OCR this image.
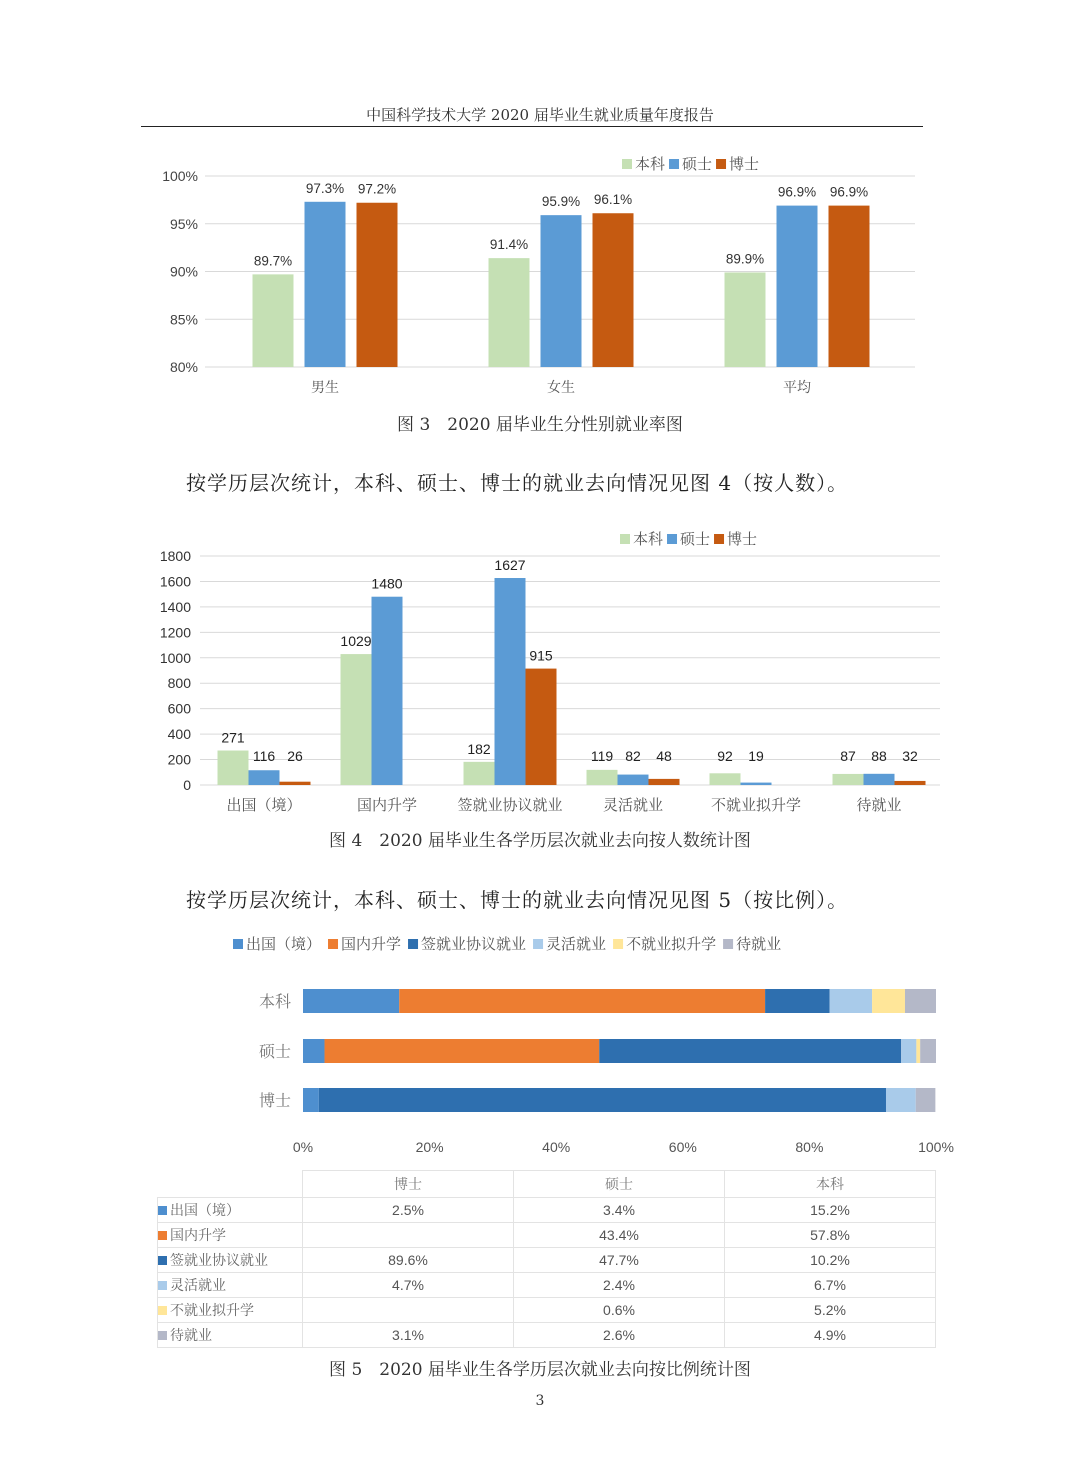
中国科学技术大学 2020 届毕业生就业质量年度报告
图 3　2020 届毕业生分性别就业率图
按学历层次统计，本科、硕士、博士的就业去向情况见图 4（按人数）。
图 4　2020 届毕业生各学历层次就业去向按人数统计图
按学历层次统计，本科、硕士、博士的就业去向情况见图 5（按比例）。
图 5　2020 届毕业生各学历层次就业去向按比例统计图
3
80%
85%
90%
95%
100%
89.7%
97.3% 97.2%
男生
91.4%
95.9% 96.1%
女生
89.9%
96.9% 96.9%
平均
本科 硕士 博士
0
200
400
600
800
1000
1200
1400
1600
1800
271
116 26
出国（境）
1029
1480
国内升学
182
1627
915
签就业协议就业
119 82 48
灵活就业
92 19
不就业拟升学
87 88 32
待就业
本科 硕士 博士
本科
硕士
博士
0%	20%	40%	60%	80%	100%
出国（境） 国内升学 签就业协议就业 灵活就业 不就业拟升学 待就业
	博士	硕士	本科
出国（境）	2.5%	3.4%	15.2%
国内升学		43.4%	57.8%
签就业协议就业	89.6%	47.7%	10.2%
灵活就业	4.7%	2.4%	6.7%
不就业拟升学		0.6%	5.2%
待就业	3.1%	2.6%	4.9%
